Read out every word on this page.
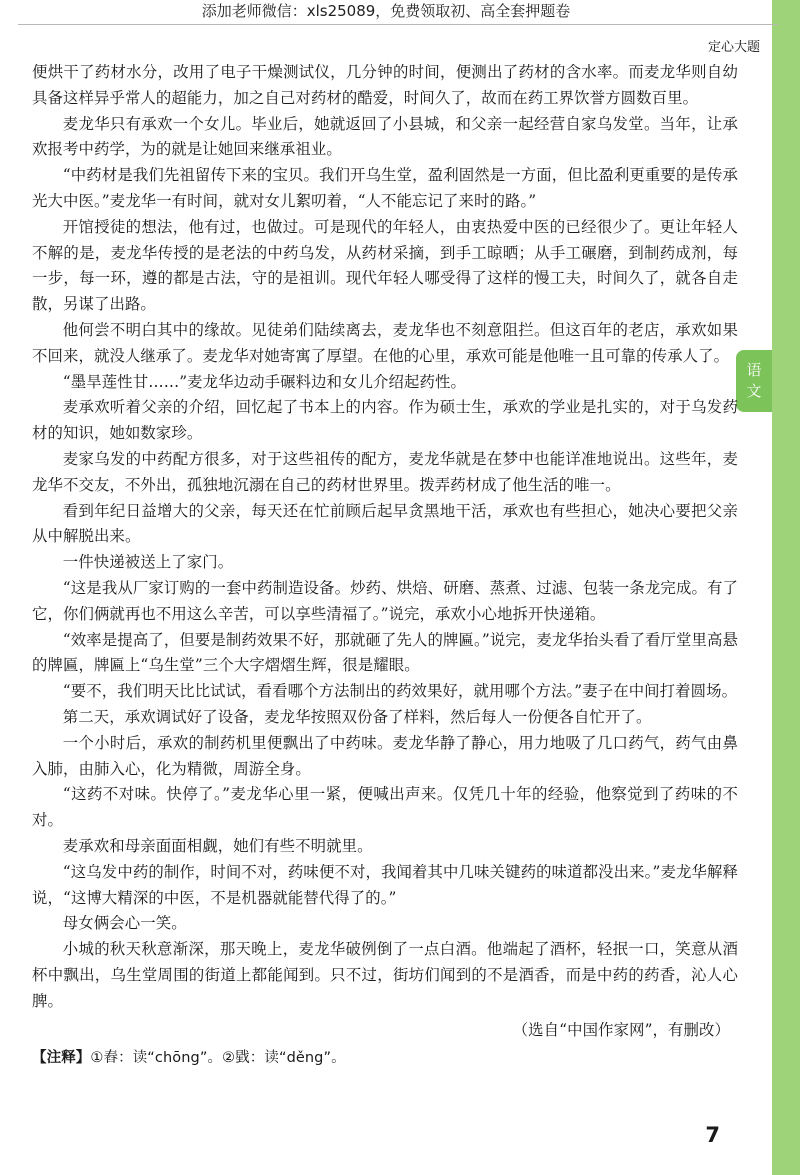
添加老师微信：xls25089，免费领取初、高全套押题卷
定心大题
语
文

便烘干了药材水分，改用了电子干燥测试仪，几分钟的时间，便测出了药材的含水率。而麦龙华则自幼具备这样异乎常人的超能力，加之自己对药材的酷爱，时间久了，故而在药工界饮誉方圆数百里。

麦龙华只有承欢一个女儿。毕业后，她就返回了小县城，和父亲一起经营自家乌发堂。当年，让承欢报考中药学，为的就是让她回来继承祖业。

“中药材是我们先祖留传下来的宝贝。我们开乌生堂，盈利固然是一方面，但比盈利更重要的是传承光大中医。”麦龙华一有时间，就对女儿絮叨着，“人不能忘记了来时的路。”

开馆授徒的想法，他有过，也做过。可是现代的年轻人，由衷热爱中医的已经很少了。更让年轻人不解的是，麦龙华传授的是老法的中药乌发，从药材采摘，到手工晾晒；从手工碾磨，到制药成剂，每一步，每一环，遵的都是古法，守的是祖训。现代年轻人哪受得了这样的慢工夫，时间久了，就各自走散，另谋了出路。

他何尝不明白其中的缘故。见徒弟们陆续离去，麦龙华也不刻意阻拦。但这百年的老店，承欢如果不回来，就没人继承了。麦龙华对她寄寓了厚望。在他的心里，承欢可能是他唯一且可靠的传承人了。

“墨旱莲性甘……”麦龙华边动手碾料边和女儿介绍起药性。

麦承欢听着父亲的介绍，回忆起了书本上的内容。作为硕士生，承欢的学业是扎实的，对于乌发药材的知识，她如数家珍。

麦家乌发的中药配方很多，对于这些祖传的配方，麦龙华就是在梦中也能详准地说出。这些年，麦龙华不交友，不外出，孤独地沉溺在自己的药材世界里。拨弄药材成了他生活的唯一。

看到年纪日益增大的父亲，每天还在忙前顾后起早贪黑地干活，承欢也有些担心，她决心要把父亲从中解脱出来。

一件快递被送上了家门。

“这是我从厂家订购的一套中药制造设备。炒药、烘焙、研磨、蒸煮、过滤、包装一条龙完成。有了它，你们俩就再也不用这么辛苦，可以享些清福了。”说完，承欢小心地拆开快递箱。

“效率是提高了，但要是制药效果不好，那就砸了先人的牌匾。”说完，麦龙华抬头看了看厅堂里高悬的牌匾，牌匾上“乌生堂”三个大字熠熠生辉，很是耀眼。

“要不，我们明天比比试试，看看哪个方法制出的药效果好，就用哪个方法。”妻子在中间打着圆场。

第二天，承欢调试好了设备，麦龙华按照双份备了样料，然后每人一份便各自忙开了。

一个小时后，承欢的制药机里便飘出了中药味。麦龙华静了静心，用力地吸了几口药气，药气由鼻入肺，由肺入心，化为精微，周游全身。

“这药不对味。快停了。”麦龙华心里一紧，便喊出声来。仅凭几十年的经验，他察觉到了药味的不对。

麦承欢和母亲面面相觑，她们有些不明就里。

“这乌发中药的制作，时间不对，药味便不对，我闻着其中几味关键药的味道都没出来。”麦龙华解释说，“这博大精深的中医，不是机器就能替代得了的。”

母女俩会心一笑。

小城的秋天秋意渐深，那天晚上，麦龙华破例倒了一点白酒。他端起了酒杯，轻抿一口，笑意从酒杯中飘出，乌生堂周围的街道上都能闻到。只不过，街坊们闻到的不是酒香，而是中药的药香，沁人心脾。

（选自“中国作家网”，有删改）
【注释】①舂：读“chōng”。②戥：读“děng”。
7
